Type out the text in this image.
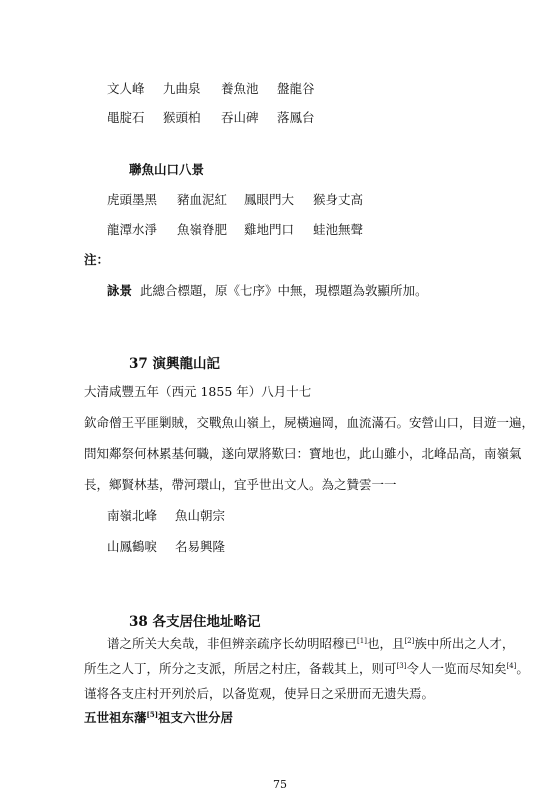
文人峰 九曲泉 養魚池 盤龍谷
黽腚石 猴頭柏 吞山碑 落鳳台
聯魚山口八景
虎頭墨黑 豬血泥紅 鳳眼門大 猴身丈高
龍潭水淨 魚嶺脊肥 雞地門口 蛙池無聲
注：
詠景 此總合標題，原《七序》中無，現標題為敦顯所加。
37 演興龍山記
大清咸豐五年（西元 1855 年）八月十七
欽命僧王平匪剿賊，交戰魚山嶺上，屍橫遍岡，血流滿石。安營山口，目遊一遍，
問知鄰祭何林累基何職，遂向眾將歎曰：寶地也，此山雖小，北峰品高，南嶺氣
長，鄉賢林基，帶河環山，宜乎世出文人。為之贊雲一一
南嶺北峰 魚山朝宗
山鳳鶴唳 名易興隆
38 各支居住地址略记
谱之所关大矣哉，非但辨亲疏序长幼明昭穆已[1]也，且[2]族中所出之人才，
所生之人丁，所分之支派，所居之村庄，备载其上，则可[3]令人一览而尽知矣[4]。
谨将各支庄村开列於后，以备览观，使异日之采册而无遗失焉。
五世祖东藩[5]祖支六世分居
75
